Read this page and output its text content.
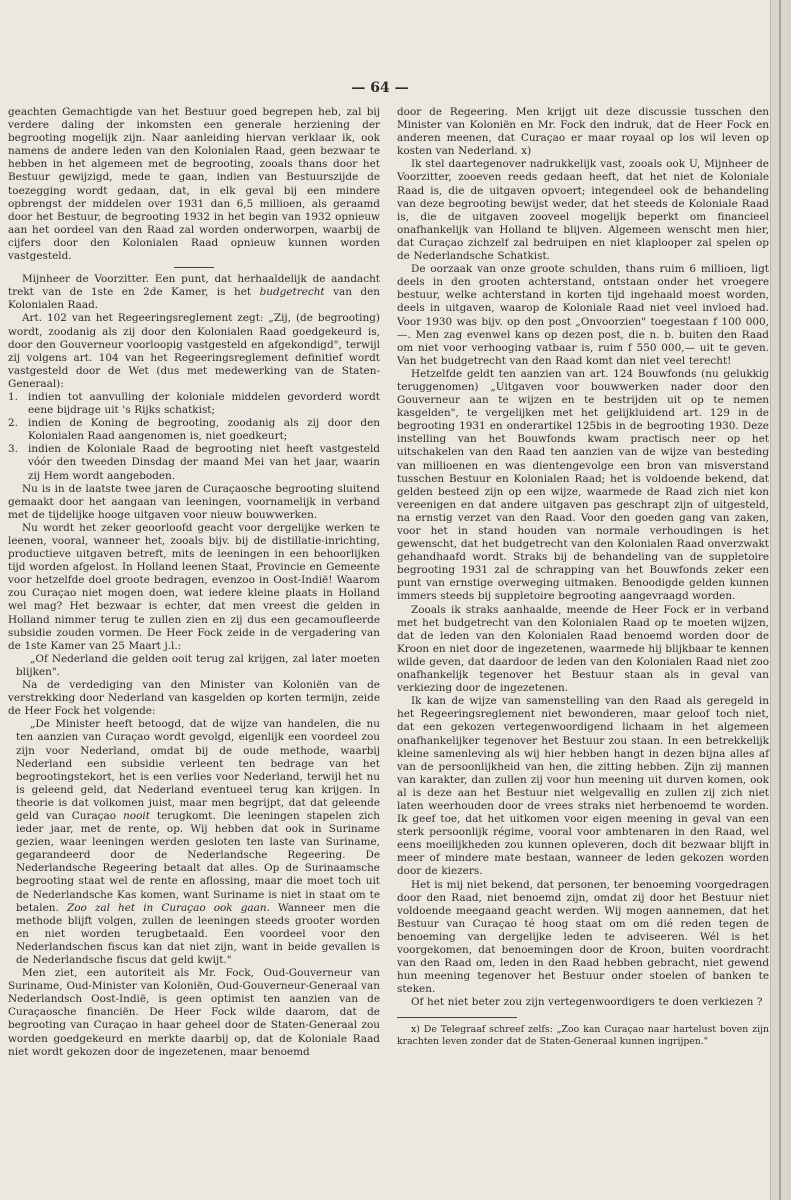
— 64 —

geachten Gemachtigde van het Bestuur goed begrepen heb, zal bij verdere daling der inkomsten een generale herziening der begrooting mogelijk zijn. Naar aanleiding hiervan verklaar ik, ook namens de andere leden van den Kolonialen Raad, geen bezwaar te hebben in het algemeen met de begrooting, zooals thans door het Bestuur gewijzigd, mede te gaan, indien van Bestuurszijde de toezegging wordt gedaan, dat, in elk geval bij een mindere opbrengst der middelen over 1931 dan 6,5 millioen, als geraamd door het Bestuur, de begrooting 1932 in het begin van 1932 opnieuw aan het oordeel van den Raad zal worden onderworpen, waarbij de cijfers door den Kolonialen Raad opnieuw kunnen worden vastgesteld.

Mijnheer de Voorzitter. Een punt, dat herhaaldelijk de aandacht trekt van de 1ste en 2de Kamer, is het budgetrecht van den Kolonialen Raad.

Art. 102 van het Regeeringsreglement zegt: „Zij, (de begrooting) wordt, zoodanig als zij door den Kolonialen Raad goedgekeurd is, door den Gouverneur voorloopig vastgesteld en afgekondigd", terwijl zij volgens art. 104 van het Regeeringsreglement definitief wordt vastgesteld door de Wet (dus met medewerking van de Staten-Generaal):

1. indien tot aanvulling der koloniale middelen gevorderd wordt eene bijdrage uit 's Rijks schatkist;
2. indien de Koning de begrooting, zoodanig als zij door den Kolonialen Raad aangenomen is, niet goedkeurt;
3. indien de Koloniale Raad de begrooting niet heeft vastgesteld vóór den tweeden Dinsdag der maand Mei van het jaar, waarin zij Hem wordt aangeboden.

Nu is in de laatste twee jaren de Curaçaosche begrooting sluitend gemaakt door het aangaan van leeningen, voornamelijk in verband met de tijdelijke hooge uitgaven voor nieuw bouwwerken.

Nu wordt het zeker geoorloofd geacht voor dergelijke werken te leenen, vooral, wanneer het, zooals bijv. bij de distillatie-inrichting, productieve uitgaven betreft, mits de leeningen in een behoorlijken tijd worden afgelost. In Holland leenen Staat, Provincie en Gemeente voor hetzelfde doel groote bedragen, evenzoo in Oost-Indië! Waarom zou Curaçao niet mogen doen, wat iedere kleine plaats in Holland wel mag? Het bezwaar is echter, dat men vreest die gelden in Holland nimmer terug te zullen zien en zij dus een gecamoufleerde subsidie zouden vormen. De Heer Fock zeide in de vergadering van de 1ste Kamer van 25 Maart j.l.:

„Of Nederland die gelden ooit terug zal krijgen, zal later moeten blijken".

Na de verdediging van den Minister van Koloniën van de verstrekking door Nederland van kasgelden op korten termijn, zeide de Heer Fock het volgende:

„De Minister heeft betoogd, dat de wijze van handelen, die nu ten aanzien van Curaçao wordt gevolgd, eigenlijk een voordeel zou zijn voor Nederland, omdat bij de oude methode, waarbij Nederland een subsidie verleent ten bedrage van het begrootingstekort, het is een verlies voor Nederland, terwijl het nu is geleend geld, dat Nederland eventueel terug kan krijgen. In theorie is dat volkomen juist, maar men begrijpt, dat dat geleende geld van Curaçao nooit terugkomt. Die leeningen stapelen zich ieder jaar, met de rente, op. Wij hebben dat ook in Suriname gezien, waar leeningen werden gesloten ten laste van Suriname, gegarandeerd door de Nederlandsche Regeering. De Nederlandsche Regeering betaalt dat alles. Op de Surinaamsche begrooting staat wel de rente en aflossing, maar die moet toch uit de Nederlandsche Kas komen, want Suriname is niet in staat om te betalen. Zoo zal het in Curaçao ook gaan. Wanneer men die methode blijft volgen, zullen de leeningen steeds grooter worden en niet worden terugbetaald. Een voordeel voor den Nederlandschen fiscus kan dat niet zijn, want in beide gevallen is de Nederlandsche fiscus dat geld kwijt."

Men ziet, een autoriteit als Mr. Fock, Oud-Gouverneur van Suriname, Oud-Minister van Koloniën, Oud-Gouverneur-Generaal van Nederlandsch Oost-Indië, is geen optimist ten aanzien van de Curaçaosche financiën. De Heer Fock wilde daarom, dat de begrooting van Curaçao in haar geheel door de Staten-Generaal zou worden goedgekeurd en merkte daarbij op, dat de Koloniale Raad niet wordt gekozen door de ingezetenen, maar benoemd

door de Regeering. Men krijgt uit deze discussie tusschen den Minister van Koloniën en Mr. Fock den indruk, dat de Heer Fock en anderen meenen, dat Curaçao er maar royaal op los wil leven op kosten van Nederland. x)

Ik stel daartegenover nadrukkelijk vast, zooals ook U, Mijnheer de Voorzitter, zooeven reeds gedaan heeft, dat het niet de Koloniale Raad is, die de uitgaven opvoert; integendeel ook de behandeling van deze begrooting bewijst weder, dat het steeds de Koloniale Raad is, die de uitgaven zooveel mogelijk beperkt om financieel onafhankelijk van Holland te blijven. Algemeen wenscht men hier, dat Curaçao zichzelf zal bedruipen en niet klaplooper zal spelen op de Nederlandsche Schatkist.

De oorzaak van onze groote schulden, thans ruim 6 millioen, ligt deels in den grooten achterstand, ontstaan onder het vroegere bestuur, welke achterstand in korten tijd ingehaald moest worden, deels in uitgaven, waarop de Koloniale Raad niet veel invloed had. Voor 1930 was bijv. op den post „Onvoorzien" toegestaan f 100 000,—. Men zag evenwel kans op dezen post, die n. b. buiten den Raad om niet voor verhooging vatbaar is, ruim f 550 000,— uit te geven. Van het budgetrecht van den Raad komt dan niet veel terecht!

Hetzelfde geldt ten aanzien van art. 124 Bouwfonds (nu gelukkig teruggenomen) „Uitgaven voor bouwwerken nader door den Gouverneur aan te wijzen en te bestrijden uit op te nemen kasgelden", te vergelijken met het gelijkluidend art. 129 in de begrooting 1931 en onderartikel 125bis in de begrooting 1930. Deze instelling van het Bouwfonds kwam practisch neer op het uitschakelen van den Raad ten aanzien van de wijze van besteding van millioenen en was dientengevolge een bron van misverstand tusschen Bestuur en Kolonialen Raad; het is voldoende bekend, dat gelden besteed zijn op een wijze, waarmede de Raad zich niet kon vereenigen en dat andere uitgaven pas geschrapt zijn of uitgesteld, na ernstig verzet van den Raad. Voor den goeden gang van zaken, voor het in stand houden van normale verhoudingen is het gewenscht, dat het budgetrecht van den Kolonialen Raad onverzwakt gehandhaafd wordt. Straks bij de behandeling van de suppletoire begrooting 1931 zal de schrapping van het Bouwfonds zeker een punt van ernstige overweging uitmaken. Benoodigde gelden kunnen immers steeds bij suppletoire begrooting aangevraagd worden.

Zooals ik straks aanhaalde, meende de Heer Fock er in verband met het budgetrecht van den Kolonialen Raad op te moeten wijzen, dat de leden van den Kolonialen Raad benoemd worden door de Kroon en niet door de ingezetenen, waarmede hij blijkbaar te kennen wilde geven, dat daardoor de leden van den Kolonialen Raad niet zoo onafhankelijk tegenover het Bestuur staan als in geval van verkiezing door de ingezetenen.

Ik kan de wijze van samenstelling van den Raad als geregeld in het Regeeringsreglement niet bewonderen, maar geloof toch niet, dat een gekozen vertegenwoordigend lichaam in het algemeen onafhankelijker tegenover het Bestuur zou staan. In een betrekkelijk kleine samenleving als wij hier hebben hangt in dezen bijna alles af van de persoonlijkheid van hen, die zitting hebben. Zijn zij mannen van karakter, dan zullen zij voor hun meening uit durven komen, ook al is deze aan het Bestuur niet welgevallig en zullen zij zich niet laten weerhouden door de vrees straks niet herbenoemd te worden. Ik geef toe, dat het uitkomen voor eigen meening in geval van een sterk persoonlijk régime, vooral voor ambtenaren in den Raad, wel eens moeilijkheden zou kunnen opleveren, doch dit bezwaar blijft in meer of mindere mate bestaan, wanneer de leden gekozen worden door de kiezers.

Het is mij niet bekend, dat personen, ter benoeming voorgedragen door den Raad, niet benoemd zijn, omdat zij door het Bestuur niet voldoende meegaand geacht werden. Wij mogen aannemen, dat het Bestuur van Curaçao té hoog staat om om dié reden tegen de benoeming van dergelijke leden te adviseeren. Wél is het voorgekomen, dat benoemingen door de Kroon, buiten voordracht van den Raad om, leden in den Raad hebben gebracht, niet gewend hun meening tegenover het Bestuur onder stoelen of banken te steken.

Of het niet beter zou zijn vertegenwoordigers te doen verkiezen ?

x) De Telegraaf schreef zelfs: „Zoo kan Curaçao naar hartelust boven zijn krachten leven zonder dat de Staten-Generaal kunnen ingrijpen."
